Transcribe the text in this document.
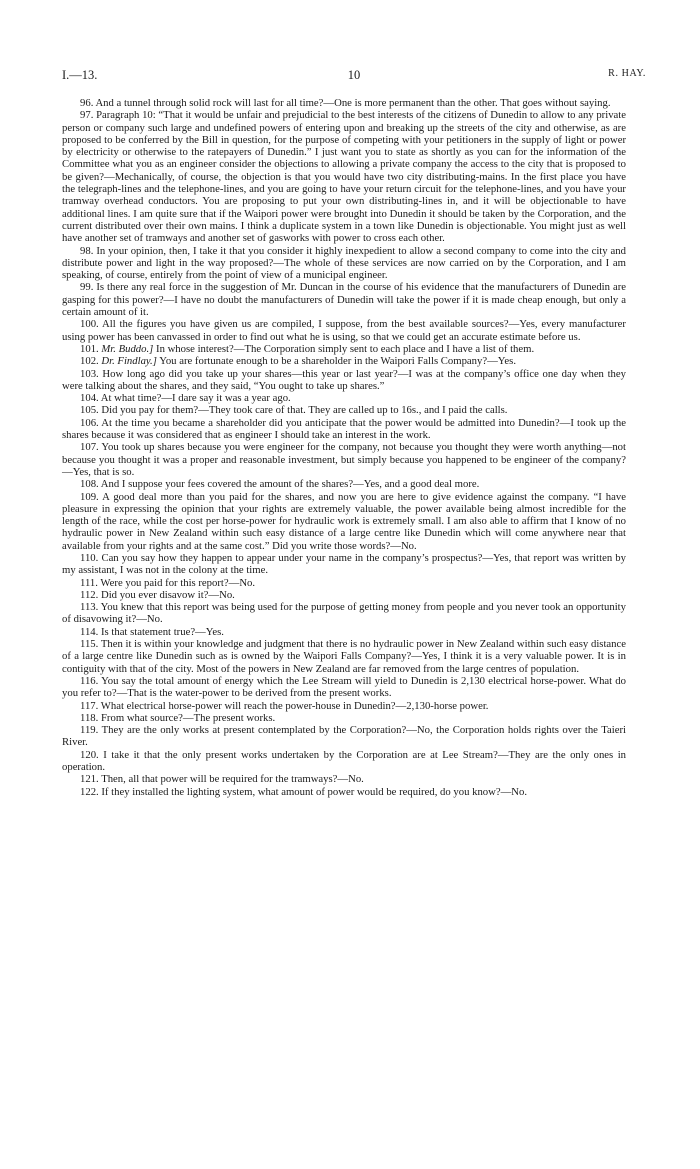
I.—13.	10	R. HAY.

96. And a tunnel through solid rock will last for all time?—One is more permanent than the other. That goes without saying.

97. Paragraph 10: “That it would be unfair and prejudicial to the best interests of the citizens of Dunedin to allow to any private person or company such large and undefined powers of entering upon and breaking up the streets of the city and otherwise, as are proposed to be conferred by the Bill in question, for the purpose of competing with your petitioners in the supply of light or power by electricity or otherwise to the ratepayers of Dunedin.” I just want you to state as shortly as you can for the information of the Committee what you as an engineer consider the objections to allowing a private company the access to the city that is proposed to be given?—Mechanically, of course, the objection is that you would have two city distributing-mains. In the first place you have the telegraph-lines and the telephone-lines, and you are going to have your return circuit for the telephone-lines, and you have your tramway overhead conductors. You are proposing to put your own distributing-lines in, and it will be objectionable to have additional lines. I am quite sure that if the Waipori power were brought into Dunedin it should be taken by the Corporation, and the current distributed over their own mains. I think a duplicate system in a town like Dunedin is objectionable. You might just as well have another set of tramways and another set of gasworks with power to cross each other.

98. In your opinion, then, I take it that you consider it highly inexpedient to allow a second company to come into the city and distribute power and light in the way proposed?—The whole of these services are now carried on by the Corporation, and I am speaking, of course, entirely from the point of view of a municipal engineer.

99. Is there any real force in the suggestion of Mr. Duncan in the course of his evidence that the manufacturers of Dunedin are gasping for this power?—I have no doubt the manufacturers of Dunedin will take the power if it is made cheap enough, but only a certain amount of it.

100. All the figures you have given us are compiled, I suppose, from the best available sources?—Yes, every manufacturer using power has been canvassed in order to find out what he is using, so that we could get an accurate estimate before us.

101. Mr. Buddo.] In whose interest?—The Corporation simply sent to each place and I have a list of them.

102. Dr. Findlay.] You are fortunate enough to be a shareholder in the Waipori Falls Company?—Yes.

103. How long ago did you take up your shares—this year or last year?—I was at the company’s office one day when they were talking about the shares, and they said, “You ought to take up shares.”

104. At what time?—I dare say it was a year ago.

105. Did you pay for them?—They took care of that. They are called up to 16s., and I paid the calls.

106. At the time you became a shareholder did you anticipate that the power would be admitted into Dunedin?—I took up the shares because it was considered that as engineer I should take an interest in the work.

107. You took up shares because you were engineer for the company, not because you thought they were worth anything—not because you thought it was a proper and reasonable investment, but simply because you happened to be engineer of the company?—Yes, that is so.

108. And I suppose your fees covered the amount of the shares?—Yes, and a good deal more.

109. A good deal more than you paid for the shares, and now you are here to give evidence against the company. “I have pleasure in expressing the opinion that your rights are extremely valuable, the power available being almost incredible for the length of the race, while the cost per horse-power for hydraulic work is extremely small. I am also able to affirm that I know of no hydraulic power in New Zealand within such easy distance of a large centre like Dunedin which will come anywhere near that available from your rights and at the same cost.” Did you write those words?—No.

110. Can you say how they happen to appear under your name in the company’s prospectus?—Yes, that report was written by my assistant, I was not in the colony at the time.

111. Were you paid for this report?—No.

112. Did you ever disavow it?—No.

113. You knew that this report was being used for the purpose of getting money from people and you never took an opportunity of disavowing it?—No.

114. Is that statement true?—Yes.

115. Then it is within your knowledge and judgment that there is no hydraulic power in New Zealand within such easy distance of a large centre like Dunedin such as is owned by the Waipori Falls Company?—Yes, I think it is a very valuable power. It is in contiguity with that of the city. Most of the powers in New Zealand are far removed from the large centres of population.

116. You say the total amount of energy which the Lee Stream will yield to Dunedin is 2,130 electrical horse-power. What do you refer to?—That is the water-power to be derived from the present works.

117. What electrical horse-power will reach the power-house in Dunedin?—2,130-horse power.

118. From what source?—The present works.

119. They are the only works at present contemplated by the Corporation?—No, the Corporation holds rights over the Taieri River.

120. I take it that the only present works undertaken by the Corporation are at Lee Stream?—They are the only ones in operation.

121. Then, all that power will be required for the tramways?—No.

122. If they installed the lighting system, what amount of power would be required, do you know?—No.
